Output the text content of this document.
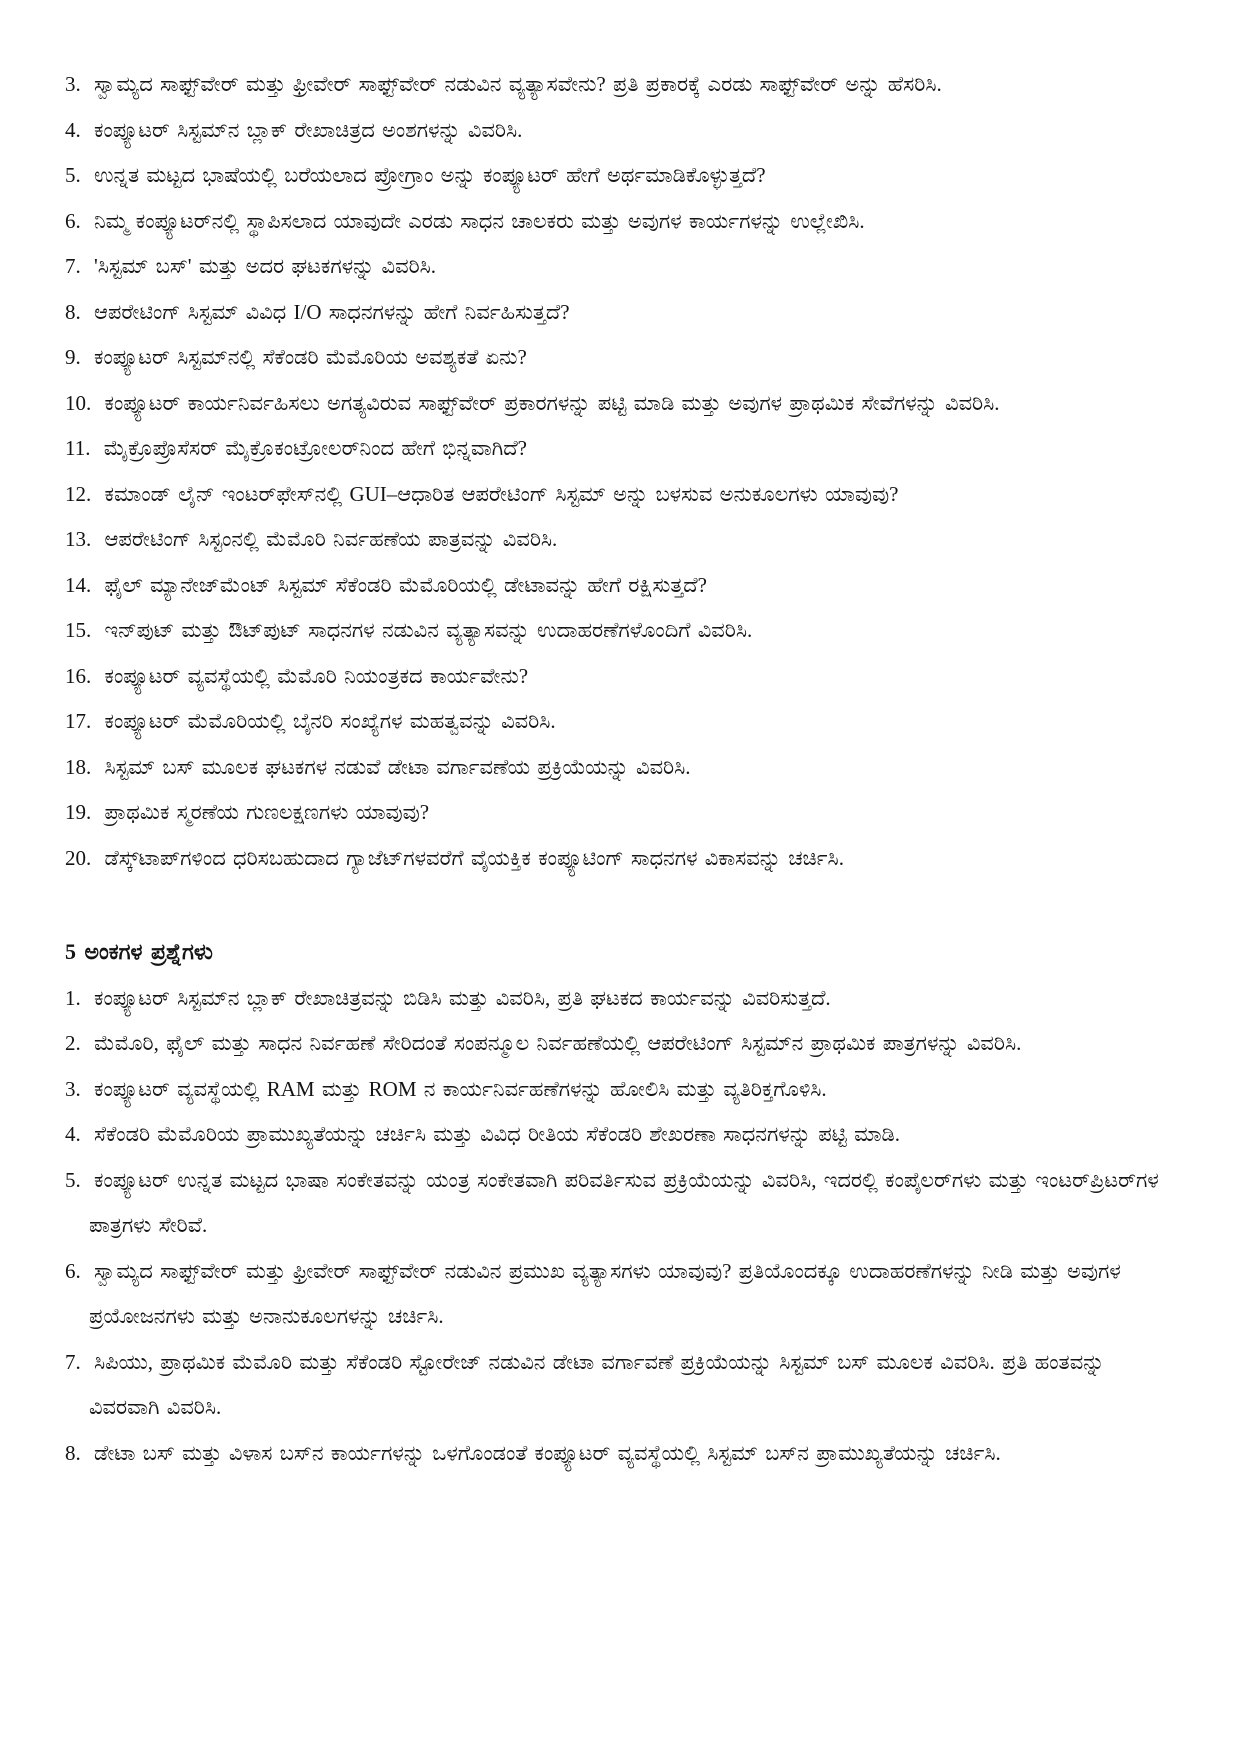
3. ಸ್ವಾಮ್ಯದ ಸಾಫ್ಟ್‌ವೇರ್ ಮತ್ತು ಫ್ರೀವೇರ್ ಸಾಫ್ಟ್‌ವೇರ್ ನಡುವಿನ ವ್ಯತ್ಯಾಸವೇನು? ಪ್ರತಿ ಪ್ರಕಾರಕ್ಕೆ ಎರಡು ಸಾಫ್ಟ್‌ವೇರ್ ಅನ್ನು ಹೆಸರಿಸಿ.
4. ಕಂಪ್ಯೂಟರ್ ಸಿಸ್ಟಮ್‌ನ ಬ್ಲಾಕ್ ರೇಖಾಚಿತ್ರದ ಅಂಶಗಳನ್ನು ವಿವರಿಸಿ.
5. ಉನ್ನತ ಮಟ್ಟದ ಭಾಷೆಯಲ್ಲಿ ಬರೆಯಲಾದ ಪ್ರೋಗ್ರಾಂ ಅನ್ನು ಕಂಪ್ಯೂಟರ್ ಹೇಗೆ ಅರ್ಥಮಾಡಿಕೊಳ್ಳುತ್ತದೆ?
6. ನಿಮ್ಮ ಕಂಪ್ಯೂಟರ್‌ನಲ್ಲಿ ಸ್ಥಾಪಿಸಲಾದ ಯಾವುದೇ ಎರಡು ಸಾಧನ ಚಾಲಕರು ಮತ್ತು ಅವುಗಳ ಕಾರ್ಯಗಳನ್ನು ಉಲ್ಲೇಖಿಸಿ.
7. 'ಸಿಸ್ಟಮ್ ಬಸ್' ಮತ್ತು ಅದರ ಘಟಕಗಳನ್ನು ವಿವರಿಸಿ.
8. ಆಪರೇಟಿಂಗ್ ಸಿಸ್ಟಮ್ ವಿವಿಧ I/O ಸಾಧನಗಳನ್ನು ಹೇಗೆ ನಿರ್ವಹಿಸುತ್ತದೆ?
9. ಕಂಪ್ಯೂಟರ್ ಸಿಸ್ಟಮ್‌ನಲ್ಲಿ ಸೆಕೆಂಡರಿ ಮೆಮೊರಿಯ ಅವಶ್ಯಕತೆ ಏನು?
10. ಕಂಪ್ಯೂಟರ್ ಕಾರ್ಯನಿರ್ವಹಿಸಲು ಅಗತ್ಯವಿರುವ ಸಾಫ್ಟ್‌ವೇರ್ ಪ್ರಕಾರಗಳನ್ನು ಪಟ್ಟಿ ಮಾಡಿ ಮತ್ತು ಅವುಗಳ ಪ್ರಾಥಮಿಕ ಸೇವೆಗಳನ್ನು ವಿವರಿಸಿ.
11. ಮೈಕ್ರೊಪ್ರೊಸೆಸರ್ ಮೈಕ್ರೊಕಂಟ್ರೋಲರ್‌ನಿಂದ ಹೇಗೆ ಭಿನ್ನವಾಗಿದೆ?
12. ಕಮಾಂಡ್ ಲೈನ್ ಇಂಟರ್‌ಫೇಸ್‌ನಲ್ಲಿ GUI–ಆಧಾರಿತ ಆಪರೇಟಿಂಗ್ ಸಿಸ್ಟಮ್ ಅನ್ನು ಬಳಸುವ ಅನುಕೂಲಗಳು ಯಾವುವು?
13. ಆಪರೇಟಿಂಗ್ ಸಿಸ್ಟಂನಲ್ಲಿ ಮೆಮೊರಿ ನಿರ್ವಹಣೆಯ ಪಾತ್ರವನ್ನು ವಿವರಿಸಿ.
14. ಫೈಲ್ ಮ್ಯಾನೇಜ್‌ಮೆಂಟ್ ಸಿಸ್ಟಮ್ ಸೆಕೆಂಡರಿ ಮೆಮೊರಿಯಲ್ಲಿ ಡೇಟಾವನ್ನು ಹೇಗೆ ರಕ್ಷಿಸುತ್ತದೆ?
15. ಇನ್‌ಪುಟ್ ಮತ್ತು ಔಟ್‌ಪುಟ್ ಸಾಧನಗಳ ನಡುವಿನ ವ್ಯತ್ಯಾಸವನ್ನು ಉದಾಹರಣೆಗಳೊಂದಿಗೆ ವಿವರಿಸಿ.
16. ಕಂಪ್ಯೂಟರ್ ವ್ಯವಸ್ಥೆಯಲ್ಲಿ ಮೆಮೊರಿ ನಿಯಂತ್ರಕದ ಕಾರ್ಯವೇನು?
17. ಕಂಪ್ಯೂಟರ್ ಮೆಮೊರಿಯಲ್ಲಿ ಬೈನರಿ ಸಂಖ್ಯೆಗಳ ಮಹತ್ವವನ್ನು ವಿವರಿಸಿ.
18. ಸಿಸ್ಟಮ್ ಬಸ್ ಮೂಲಕ ಘಟಕಗಳ ನಡುವೆ ಡೇಟಾ ವರ್ಗಾವಣೆಯ ಪ್ರಕ್ರಿಯೆಯನ್ನು ವಿವರಿಸಿ.
19. ಪ್ರಾಥಮಿಕ ಸ್ಮರಣೆಯ ಗುಣಲಕ್ಷಣಗಳು ಯಾವುವು?
20. ಡೆಸ್ಕ್‌ಟಾಪ್‌ಗಳಿಂದ ಧರಿಸಬಹುದಾದ ಗ್ಯಾಜೆಟ್‌ಗಳವರೆಗೆ ವೈಯಕ್ತಿಕ ಕಂಪ್ಯೂಟಿಂಗ್ ಸಾಧನಗಳ ವಿಕಾಸವನ್ನು ಚರ್ಚಿಸಿ.
5 ಅಂಕಗಳ ಪ್ರಶ್ನೆಗಳು
1. ಕಂಪ್ಯೂಟರ್ ಸಿಸ್ಟಮ್‌ನ ಬ್ಲಾಕ್ ರೇಖಾಚಿತ್ರವನ್ನು ಬಿಡಿಸಿ ಮತ್ತು ವಿವರಿಸಿ, ಪ್ರತಿ ಘಟಕದ ಕಾರ್ಯವನ್ನು ವಿವರಿಸುತ್ತದೆ.
2. ಮೆಮೊರಿ, ಫೈಲ್ ಮತ್ತು ಸಾಧನ ನಿರ್ವಹಣೆ ಸೇರಿದಂತೆ ಸಂಪನ್ಮೂಲ ನಿರ್ವಹಣೆಯಲ್ಲಿ ಆಪರೇಟಿಂಗ್ ಸಿಸ್ಟಮ್‌ನ ಪ್ರಾಥಮಿಕ ಪಾತ್ರಗಳನ್ನು ವಿವರಿಸಿ.
3. ಕಂಪ್ಯೂಟರ್ ವ್ಯವಸ್ಥೆಯಲ್ಲಿ RAM ಮತ್ತು ROM ನ ಕಾರ್ಯನಿರ್ವಹಣೆಗಳನ್ನು ಹೋಲಿಸಿ ಮತ್ತು ವ್ಯತಿರಿಕ್ತಗೊಳಿಸಿ.
4. ಸೆಕೆಂಡರಿ ಮೆಮೊರಿಯ ಪ್ರಾಮುಖ್ಯತೆಯನ್ನು ಚರ್ಚಿಸಿ ಮತ್ತು ವಿವಿಧ ರೀತಿಯ ಸೆಕೆಂಡರಿ ಶೇಖರಣಾ ಸಾಧನಗಳನ್ನು ಪಟ್ಟಿ ಮಾಡಿ.
5. ಕಂಪ್ಯೂಟರ್ ಉನ್ನತ ಮಟ್ಟದ ಭಾಷಾ ಸಂಕೇತವನ್ನು ಯಂತ್ರ ಸಂಕೇತವಾಗಿ ಪರಿವರ್ತಿಸುವ ಪ್ರಕ್ರಿಯೆಯನ್ನು ವಿವರಿಸಿ, ಇದರಲ್ಲಿ ಕಂಪೈಲರ್‌ಗಳು ಮತ್ತು ಇಂಟರ್‌ಪ್ರಿಟರ್‌ಗಳ ಪಾತ್ರಗಳು ಸೇರಿವೆ.
6. ಸ್ವಾಮ್ಯದ ಸಾಫ್ಟ್‌ವೇರ್ ಮತ್ತು ಫ್ರೀವೇರ್ ಸಾಫ್ಟ್‌ವೇರ್ ನಡುವಿನ ಪ್ರಮುಖ ವ್ಯತ್ಯಾಸಗಳು ಯಾವುವು? ಪ್ರತಿಯೊಂದಕ್ಕೂ ಉದಾಹರಣೆಗಳನ್ನು ನೀಡಿ ಮತ್ತು ಅವುಗಳ ಪ್ರಯೋಜನಗಳು ಮತ್ತು ಅನಾನುಕೂಲಗಳನ್ನು ಚರ್ಚಿಸಿ.
7. ಸಿಪಿಯು, ಪ್ರಾಥಮಿಕ ಮೆಮೊರಿ ಮತ್ತು ಸೆಕೆಂಡರಿ ಸ್ಟೋರೇಜ್ ನಡುವಿನ ಡೇಟಾ ವರ್ಗಾವಣೆ ಪ್ರಕ್ರಿಯೆಯನ್ನು ಸಿಸ್ಟಮ್ ಬಸ್ ಮೂಲಕ ವಿವರಿಸಿ. ಪ್ರತಿ ಹಂತವನ್ನು ವಿವರವಾಗಿ ವಿವರಿಸಿ.
8. ಡೇಟಾ ಬಸ್ ಮತ್ತು ವಿಳಾಸ ಬಸ್‌ನ ಕಾರ್ಯಗಳನ್ನು ಒಳಗೊಂಡಂತೆ ಕಂಪ್ಯೂಟರ್ ವ್ಯವಸ್ಥೆಯಲ್ಲಿ ಸಿಸ್ಟಮ್ ಬಸ್‌ನ ಪ್ರಾಮುಖ್ಯತೆಯನ್ನು ಚರ್ಚಿಸಿ.
